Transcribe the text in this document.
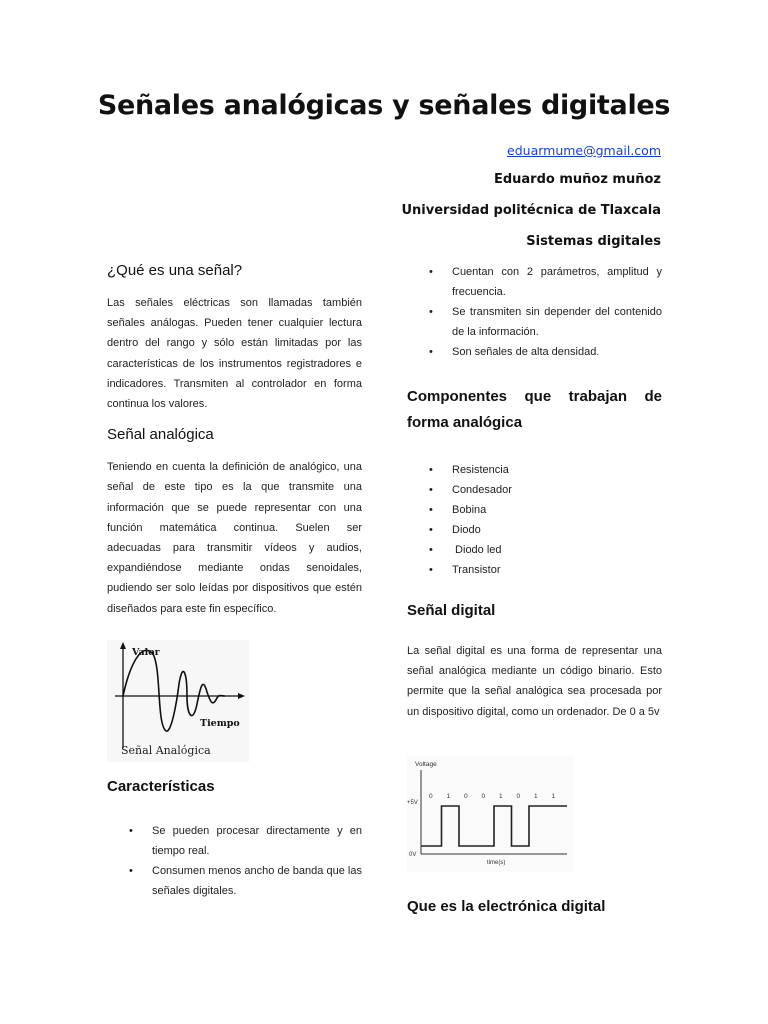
Señales analógicas y señales digitales
eduarmume@gmail.com
Eduardo muñoz muñoz
Universidad politécnica de Tlaxcala
Sistemas digitales
¿Qué es una señal?

Las señales eléctricas son llamadas también señales análogas. Pueden tener cualquier lectura dentro del rango y sólo están limitadas por las características de los instrumentos registradores e indicadores. Transmiten al controlador en forma continua los valores.

Señal analógica

Teniendo en cuenta la definición de analógico, una señal de este tipo es la que transmite una información que se puede representar con una función matemática continua. Suelen ser adecuadas para transmitir vídeos y audios, expandiéndose mediante ondas senoidales, pudiendo ser solo leídas por dispositivos que estén diseñados para este fin específico.

Valor
Tiempo
Señal Analógica
Características
• Se pueden procesar directamente y en tiempo real.
• Consumen menos ancho de banda que las señales digitales.
• Cuentan con 2 parámetros, amplitud y frecuencia.
• Se transmiten sin depender del contenido de la información.
• Son señales de alta densidad.
Componentes que trabajan de forma analógica
• Resistencia
• Condesador
• Bobina
• Diodo
• Diodo led
• Transistor
Señal digital

La señal digital es una forma de representar una señal analógica mediante un código binario. Esto permite que la señal analógica sea procesada por un dispositivo digital, como un ordenador. De 0 a 5v

Voltage
+5V
0V
time(s)
0 1 0 0 1 0 1 1
Que es la electrónica digital
